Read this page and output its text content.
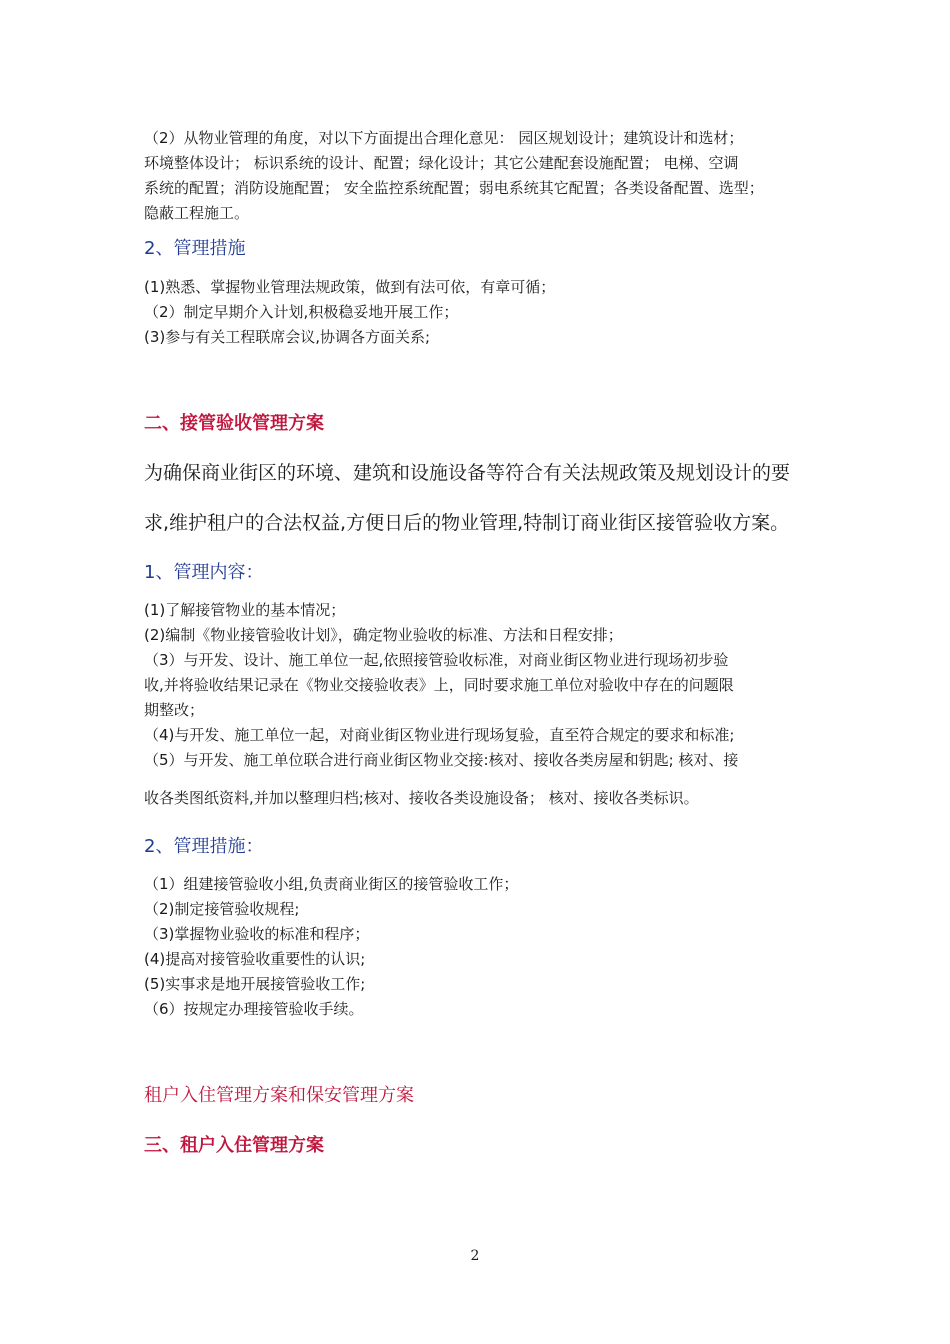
（2）从物业管理的角度，对以下方面提出合理化意见： 园区规划设计；建筑设计和选材；
环境整体设计； 标识系统的设计、配置；绿化设计；其它公建配套设施配置； 电梯、空调
系统的配置；消防设施配置； 安全监控系统配置；弱电系统其它配置；各类设备配置、选型；
隐蔽工程施工。
2、管理措施
(1)熟悉、掌握物业管理法规政策，做到有法可依，有章可循；
（2）制定早期介入计划,积极稳妥地开展工作；
(3)参与有关工程联席会议,协调各方面关系;
二、接管验收管理方案
为确保商业街区的环境、建筑和设施设备等符合有关法规政策及规划设计的要
求,维护租户的合法权益,方便日后的物业管理,特制订商业街区接管验收方案。
1、管理内容：
(1)了解接管物业的基本情况；
(2)编制《物业接管验收计划》，确定物业验收的标准、方法和日程安排；
（3）与开发、设计、施工单位一起,依照接管验收标准，对商业街区物业进行现场初步验
收,并将验收结果记录在《物业交接验收表》上，同时要求施工单位对验收中存在的问题限
期整改；
（4)与开发、施工单位一起，对商业街区物业进行现场复验，直至符合规定的要求和标准;
（5）与开发、施工单位联合进行商业街区物业交接:核对、接收各类房屋和钥匙; 核对、接
收各类图纸资料,并加以整理归档;核对、接收各类设施设备； 核对、接收各类标识。
2、管理措施：
（1）组建接管验收小组,负责商业街区的接管验收工作；
（2)制定接管验收规程;
（3)掌握物业验收的标准和程序；
(4)提高对接管验收重要性的认识;
(5)实事求是地开展接管验收工作;
（6）按规定办理接管验收手续。
租户入住管理方案和保安管理方案
三、租户入住管理方案
2
